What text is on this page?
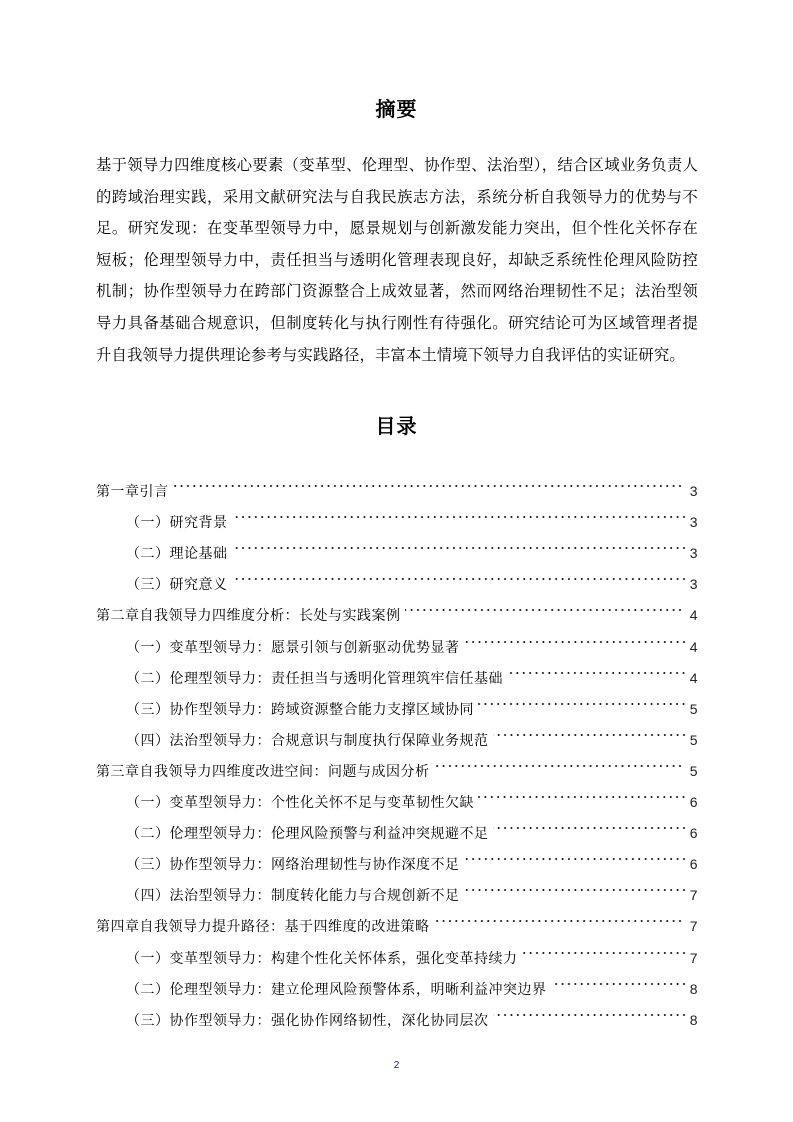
摘要
基于领导力四维度核心要素（变革型、伦理型、协作型、法治型），结合区域业务负责人的跨域治理实践，采用文献研究法与自我民族志方法，系统分析自我领导力的优势与不足。研究发现：在变革型领导力中，愿景规划与创新激发能力突出，但个性化关怀存在短板；伦理型领导力中，责任担当与透明化管理表现良好，却缺乏系统性伦理风险防控机制；协作型领导力在跨部门资源整合上成效显著，然而网络治理韧性不足；法治型领导力具备基础合规意识，但制度转化与执行刚性有待强化。研究结论可为区域管理者提升自我领导力提供理论参考与实践路径，丰富本土情境下领导力自我评估的实证研究。
目录
第一章引言	3
（一）研究背景	3
（二）理论基础	3
（三）研究意义	3
第二章自我领导力四维度分析：长处与实践案例	4
（一）变革型领导力：愿景引领与创新驱动优势显著	4
（二）伦理型领导力：责任担当与透明化管理筑牢信任基础	4
（三）协作型领导力：跨域资源整合能力支撑区域协同	5
（四）法治型领导力：合规意识与制度执行保障业务规范	5
第三章自我领导力四维度改进空间：问题与成因分析	5
（一）变革型领导力：个性化关怀不足与变革韧性欠缺	6
（二）伦理型领导力：伦理风险预警与利益冲突规避不足	6
（三）协作型领导力：网络治理韧性与协作深度不足	6
（四）法治型领导力：制度转化能力与合规创新不足	7
第四章自我领导力提升路径：基于四维度的改进策略	7
（一）变革型领导力：构建个性化关怀体系，强化变革持续力	7
（二）伦理型领导力：建立伦理风险预警体系，明晰利益冲突边界	8
（三）协作型领导力：强化协作网络韧性，深化协同层次	8
2
